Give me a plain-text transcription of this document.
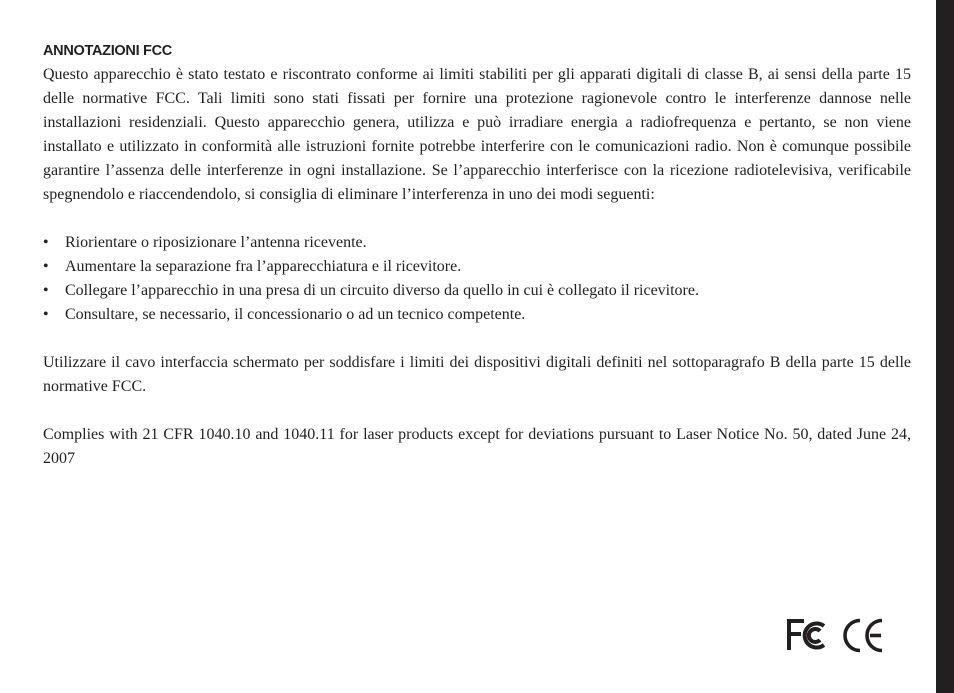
ANNOTAZIONI FCC

Questo apparecchio è stato testato e riscontrato conforme ai limiti stabiliti per gli apparati digitali di classe B, ai sensi della parte 15 delle normative FCC. Tali limiti sono stati fissati per fornire una protezione ragionevole contro le interferenze dannose nelle installazioni residenziali. Questo apparecchio genera, utilizza e può irradiare energia a radiofrequenza e pertanto, se non viene installato e utilizzato in conformità alle istruzioni fornite potrebbe interferire con le comunicazioni radio. Non è comunque possibile garantire l’assenza delle interferenze in ogni installazione. Se l’apparecchio interferisce con la ricezione radiotelevisiva, verificabile spegnendolo e riaccendendolo, si consiglia di eliminare l’interferenza in uno dei modi seguenti:

• Riorientare o riposizionare l’antenna ricevente.
• Aumentare la separazione fra l’apparecchiatura e il ricevitore.
• Collegare l’apparecchio in una presa di un circuito diverso da quello in cui è collegato il ricevitore.
• Consultare, se necessario, il concessionario o ad un tecnico competente.

Utilizzare il cavo interfaccia schermato per soddisfare i limiti dei dispositivi digitali definiti nel sottoparagrafo B della parte 15 delle normative FCC.

Complies with 21 CFR 1040.10 and 1040.11 for laser products except for deviations pursuant to Laser Notice No. 50, dated June 24, 2007
